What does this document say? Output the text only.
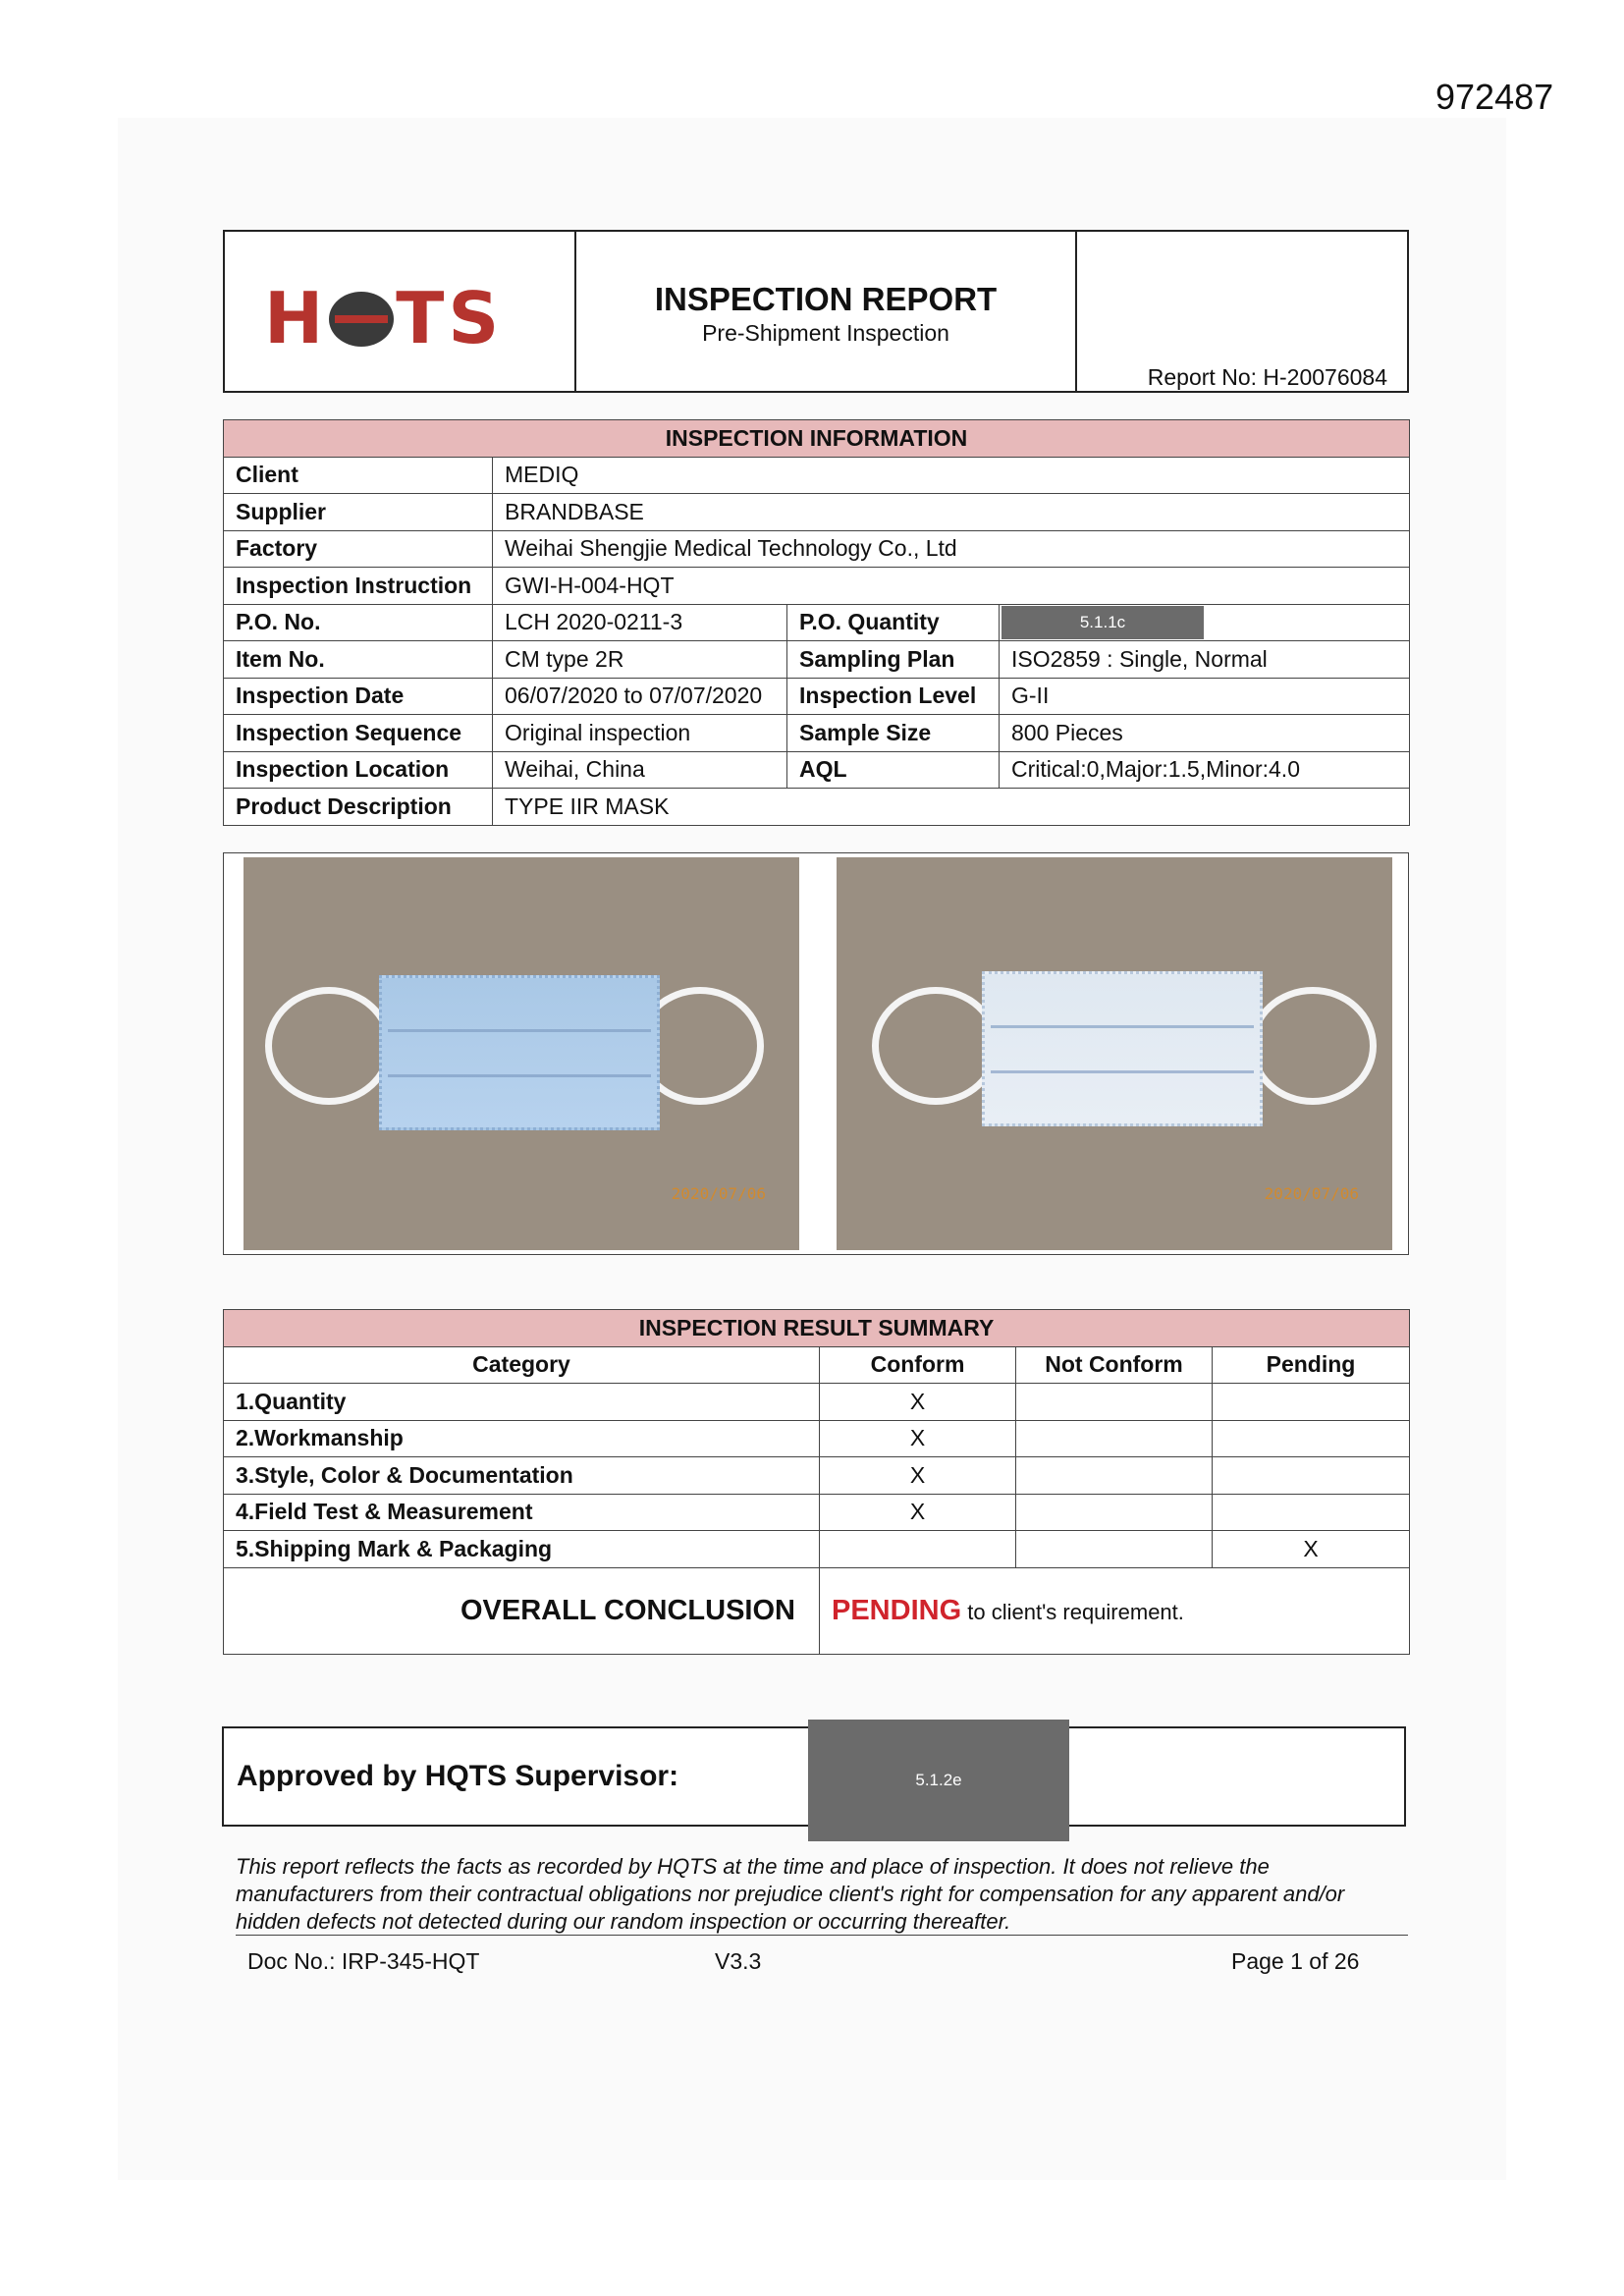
972487
H TS	INSPECTION REPORT
Pre-Shipment Inspection
Report No: H-20076084
INSPECTION INFORMATION			
Client	MEDIQ		
Supplier	BRANDBASE		
Factory	Weihai Shengjie Medical Technology Co., Ltd		
Inspection Instruction	GWI-H-004-HQT		
P.O. No.	LCH 2020-0211-3	P.O. Quantity	5.1.1c
Item No.	CM type 2R	Sampling Plan	ISO2859 : Single, Normal
Inspection Date	06/07/2020 to 07/07/2020	Inspection Level	G-II
Inspection Sequence	Original inspection	Sample Size	800 Pieces
Inspection Location	Weihai, China	AQL	Critical:0,Major:1.5,Minor:4.0
Product Description	TYPE IIR MASK		
2020/07/06	2020/07/06
INSPECTION RESULT SUMMARY			
Category	Conform	Not Conform	Pending
1.Quantity	X		
2.Workmanship	X		
3.Style, Color & Documentation	X		
4.Field Test & Measurement	X		
5.Shipping Mark & Packaging			X
OVERALL CONCLUSION	PENDING to client's requirement.		
Approved by HQTS Supervisor:	5.1.2e
This report reflects the facts as recorded by HQTS at the time and place of inspection. It does not relieve the manufacturers from their contractual obligations nor prejudice client's right for compensation for any apparent and/or hidden defects not detected during our random inspection or occurring thereafter.
Doc No.: IRP-345-HQT	V3.3	Page 1 of 26
